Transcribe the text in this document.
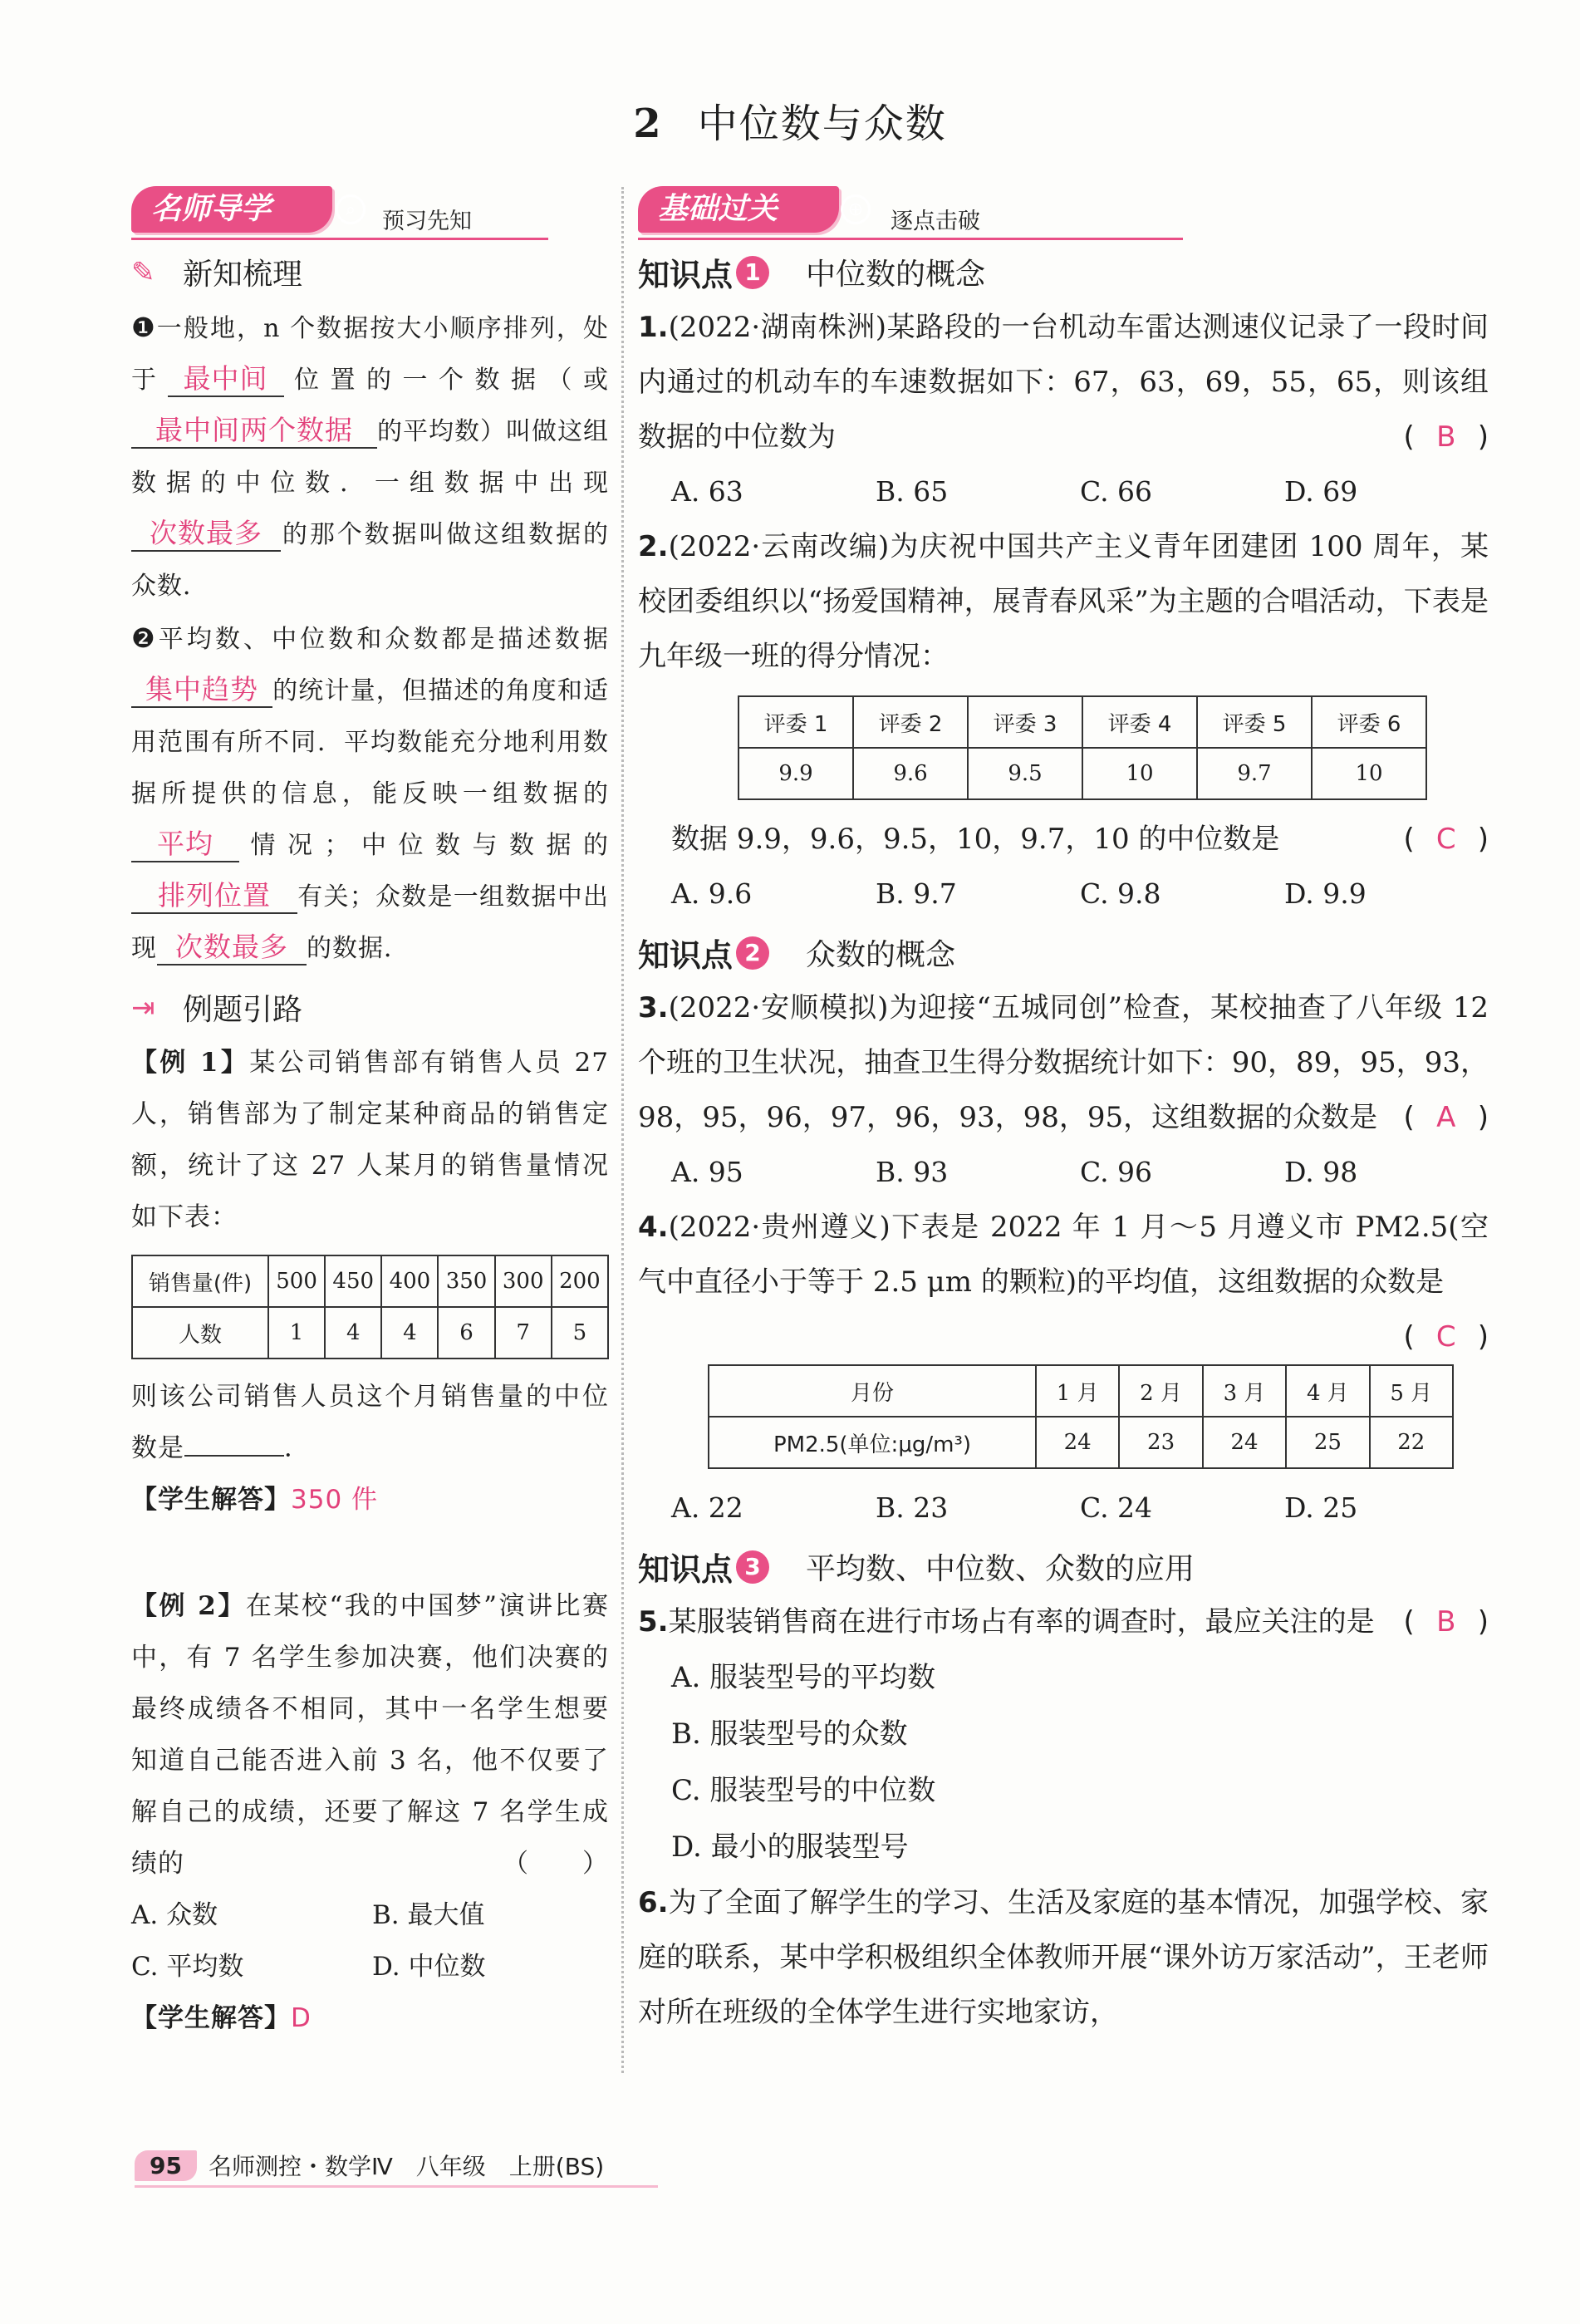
2 中位数与众数
名师导学	⌕	预习先知
✎ 新知梳理
❶一般地，n 个数据按大小顺序排列，处于 最中间 位置的一个数据（或最中间两个数据 的平均数）叫做这组数据的中位数．一组数据中出现次数最多 的那个数据叫做这组数据的众数．
❷平均数、中位数和众数都是描述数据集中趋势 的统计量，但描述的角度和适用范围有所不同．平均数能充分地利用数据所提供的信息，能反映一组数据的平均 情况；中位数与数据的排列位置 有关；众数是一组数据中出现 次数最多 的数据．
⇥ 例题引路
【例 1】某公司销售部有销售人员 27 人，销售部为了制定某种商品的销售定额，统计了这 27 人某月的销售量情况如下表：
销售量(件)	500	450	400	350	300	200
人数	1	4	4	6	7	5
则该公司销售人员这个月销售量的中位数是	．
【学生解答】350 件
【例 2】在某校“我的中国梦”演讲比赛中，有 7 名学生参加决赛，他们决赛的最终成绩各不相同，其中一名学生想要知道自己能否进入前 3 名，他不仅要了解自己的成绩，还要了解这 7 名学生成绩的	（　　）
A. 众数	B. 最大值
C. 平均数	D. 中位数
【学生解答】D
基础过关	⊕	逐点击破
知识点 1 中位数的概念
1.(2022·湖南株洲)某路段的一台机动车雷达测速仪记录了一段时间内通过的机动车的车速数据如下：67，63，69，55，65，则该组数据的中位数为	( B )
A. 63	B. 65	C. 66	D. 69
2.(2022·云南改编)为庆祝中国共产主义青年团建团 100 周年，某校团委组织以“扬爱国精神，展青春风采”为主题的合唱活动，下表是九年级一班的得分情况：
评委 1	评委 2	评委 3	评委 4	评委 5	评委 6
9.9	9.6	9.5	10	9.7	10
数据 9.9，9.6，9.5，10，9.7，10 的中位数是	( C )
A. 9.6	B. 9.7	C. 9.8	D. 9.9
知识点 2 众数的概念
3.(2022·安顺模拟)为迎接“五城同创”检查，某校抽查了八年级 12 个班的卫生状况，抽查卫生得分数据统计如下：90，89，95，93，98，95，96，97，96，93，98，95，这组数据的众数是 ( A )
A. 95	B. 93	C. 96	D. 98
4.(2022·贵州遵义)下表是 2022 年 1 月～5 月遵义市 PM2.5(空气中直径小于等于 2.5 μm 的颗粒)的平均值，这组数据的众数是
( C )
月份	1 月	2 月	3 月	4 月	5 月
PM2.5(单位:μg/m³)	24	23	24	25	22
A. 22	B. 23	C. 24	D. 25
知识点 3 平均数、中位数、众数的应用
5.某服装销售商在进行市场占有率的调查时，最应关注的是 ( B )
A. 服装型号的平均数
B. 服装型号的众数
C. 服装型号的中位数
D. 最小的服装型号
6.为了全面了解学生的学习、生活及家庭的基本情况，加强学校、家庭的联系，某中学积极组织全体教师开展“课外访万家活动”，王老师对所在班级的全体学生进行实地家访，
95	名师测控・数学Ⅳ　八年级　上册(BS)
